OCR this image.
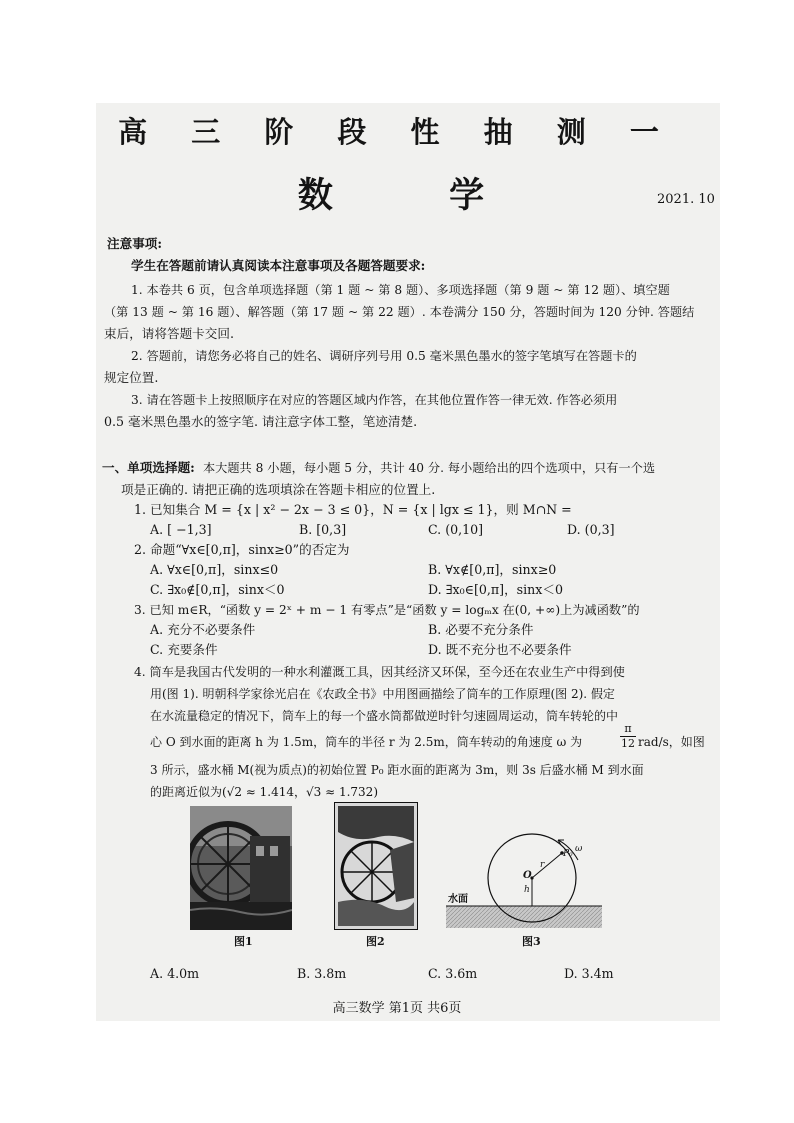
高 三 阶 段 性 抽 测 一
数 学	2021. 10
注意事项:
学生在答题前请认真阅读本注意事项及各题答题要求:
1. 本卷共 6 页，包含单项选择题（第 1 题 ~ 第 8 题）、多项选择题（第 9 题 ~ 第 12 题）、填空题
（第 13 题 ~ 第 16 题）、解答题（第 17 题 ~ 第 22 题）. 本卷满分 150 分，答题时间为 120 分钟. 答题结
束后，请将答题卡交回.
2. 答题前，请您务必将自己的姓名、调研序列号用 0.5 毫米黑色墨水的签字笔填写在答题卡的
规定位置.
3. 请在答题卡上按照顺序在对应的答题区域内作答，在其他位置作答一律无效. 作答必须用
0.5 毫米黑色墨水的签字笔. 请注意字体工整，笔迹清楚.
一、单项选择题: 本大题共 8 小题，每小题 5 分，共计 40 分. 每小题给出的四个选项中，只有一个选
项是正确的. 请把正确的选项填涂在答题卡相应的位置上.
1. 已知集合 M = {x | x² − 2x − 3 ≤ 0}，N = {x | lgx ≤ 1}，则 M∩N =
A. [ −1,3]	B. [0,3]	C. (0,10]	D. (0,3]
2. 命题“∀x∈[0,π]，sinx≥0”的否定为
A. ∀x∈[0,π]，sinx≤0	B. ∀x∉[0,π]，sinx≥0
C. ∃x₀∉[0,π]，sinx＜0	D. ∃x₀∈[0,π]，sinx＜0
3. 已知 m∈R，“函数 y = 2ˣ + m − 1 有零点”是“函数 y = logₘx 在(0, +∞)上为减函数”的
A. 充分不必要条件	B. 必要不充分条件
C. 充要条件	D. 既不充分也不必要条件
4. 筒车是我国古代发明的一种水利灌溉工具，因其经济又环保，至今还在农业生产中得到使
用(图 1). 明朝科学家徐光启在《农政全书》中用图画描绘了筒车的工作原理(图 2). 假定
在水流量稳定的情况下，筒车上的每一个盛水筒都做逆时针匀速圆周运动，筒车转轮的中
心 O 到水面的距离 h 为 1.5m，筒车的半径 r 为 2.5m，筒车转动的角速度 ω 为	$\frac{\pi}{12} rad/s$，如图
3 所示，盛水桶 M(视为质点)的初始位置 P₀ 距水面的距离为 3m，则 3s 后盛水桶 M 到水面
的距离近似为(√2 ≈ 1.414，√3 ≈ 1.732)
图1	图2
水面
O
h
r
P₀ ω
图3
A. 4.0m	B. 3.8m	C. 3.6m	D. 3.4m
高三数学 第1页 共6页
